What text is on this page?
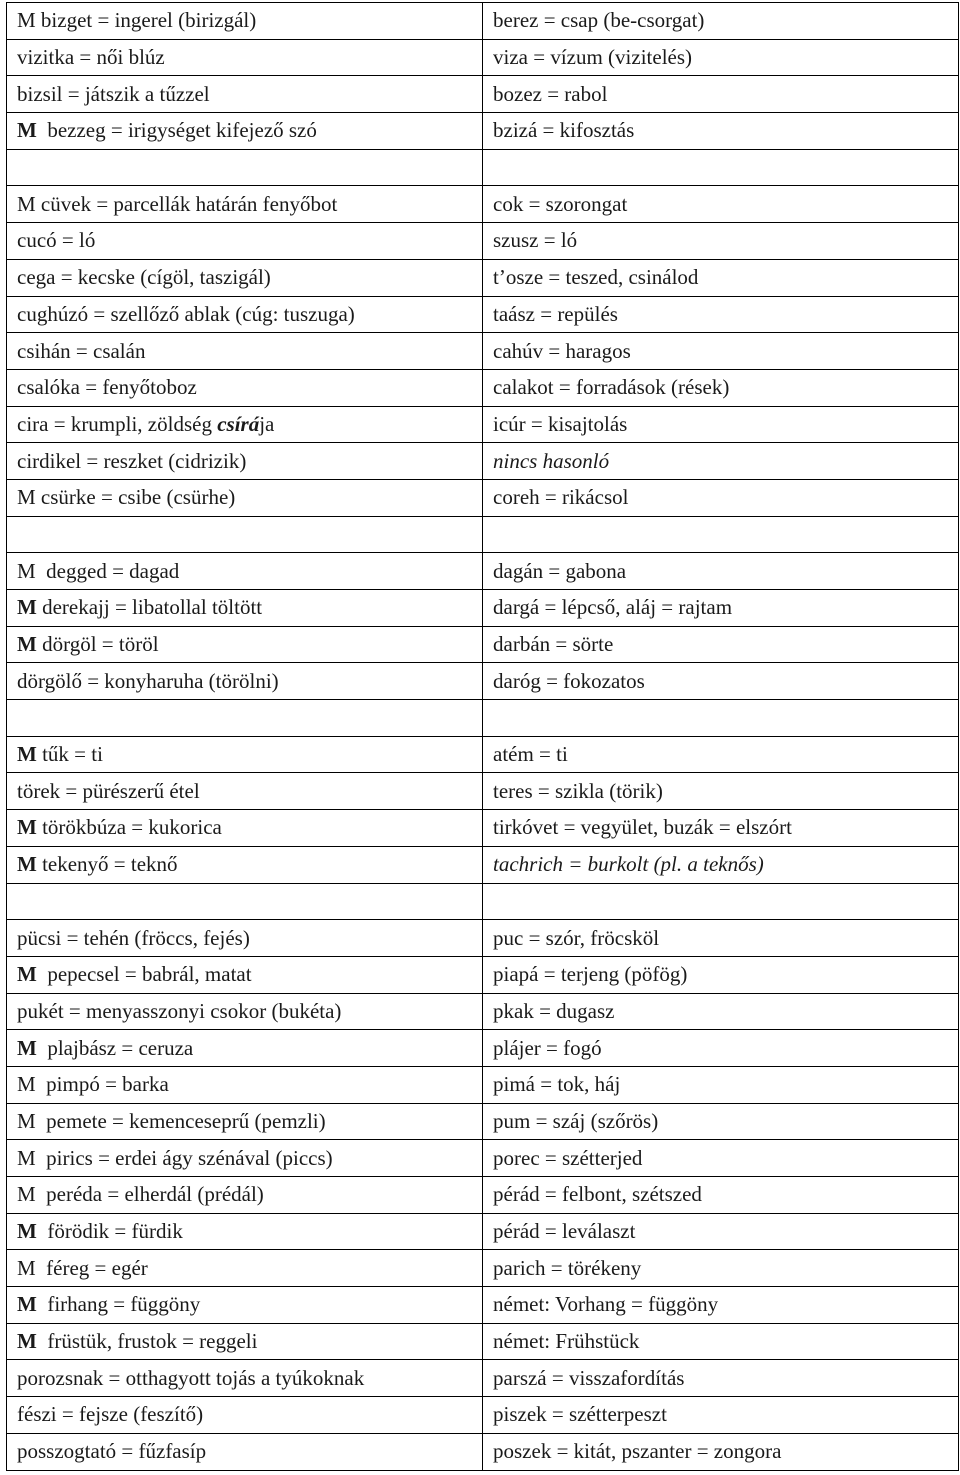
M bizget = ingerel (birizgál)	berez = csap (be-csorgat)
vizitka = női blúz	viza = vízum (vizitelés)
bizsil = játszik a tűzzel	bozez = rabol
M  bezzeg = irigységet kifejező szó	bzizá = kifosztás

M cüvek = parcellák határán fenyőbot	cok = szorongat
cucó = ló	szusz = ló
cega = kecske (cígöl, taszigál)	t’osze = teszed, csinálod
cughúzó = szellőző ablak (cúg: tuszuga)	taász = repülés
csihán = csalán	cahúv = haragos
csalóka = fenyőtoboz	calakot = forradások (rések)
cira = krumpli, zöldség csírája	icúr = kisajtolás
cirdikel = reszket (cidrizik)	nincs hasonló
M csürke = csibe (csürhe)	coreh = rikácsol

M  degged = dagad	dagán = gabona
M derekajj = libatollal töltött	dargá = lépcső, aláj = rajtam
M dörgöl = töröl	darbán = sörte
dörgölő = konyharuha (törölni)	daróg = fokozatos

M tűk = ti	atém = ti
törek = pürészerű étel	teres = szikla (törik)
M törökbúza = kukorica	tirkóvet = vegyület, buzák = elszórt
M tekenyő = teknő	tachrich = burkolt (pl. a teknős)

pücsi = tehén (fröccs, fejés)	puc = szór, fröcsköl
M  pepecsel = babrál, matat	piapá = terjeng (pöfög)
pukét = menyasszonyi csokor (bukéta)	pkak = dugasz
M  plajbász = ceruza	plájer = fogó
M  pimpó = barka	pimá = tok, háj
M  pemete = kemenceseprű (pemzli)	pum = száj (szőrös)
M  pirics = erdei ágy szénával (piccs)	porec = szétterjed
M  peréda = elherdál (prédál)	pérád = felbont, szétszed
M  förödik = fürdik	pérád = leválaszt
M  féreg = egér	parich = törékeny
M  firhang = függöny	német: Vorhang = függöny
M  früstük, frustok = reggeli	német: Frühstück
porozsnak = otthagyott tojás a tyúkoknak	parszá = visszafordítás
fészi = fejsze (feszítő)	piszek = szétterpeszt
posszogtató = fűzfasíp	poszek = kitát, pszanter = zongora
